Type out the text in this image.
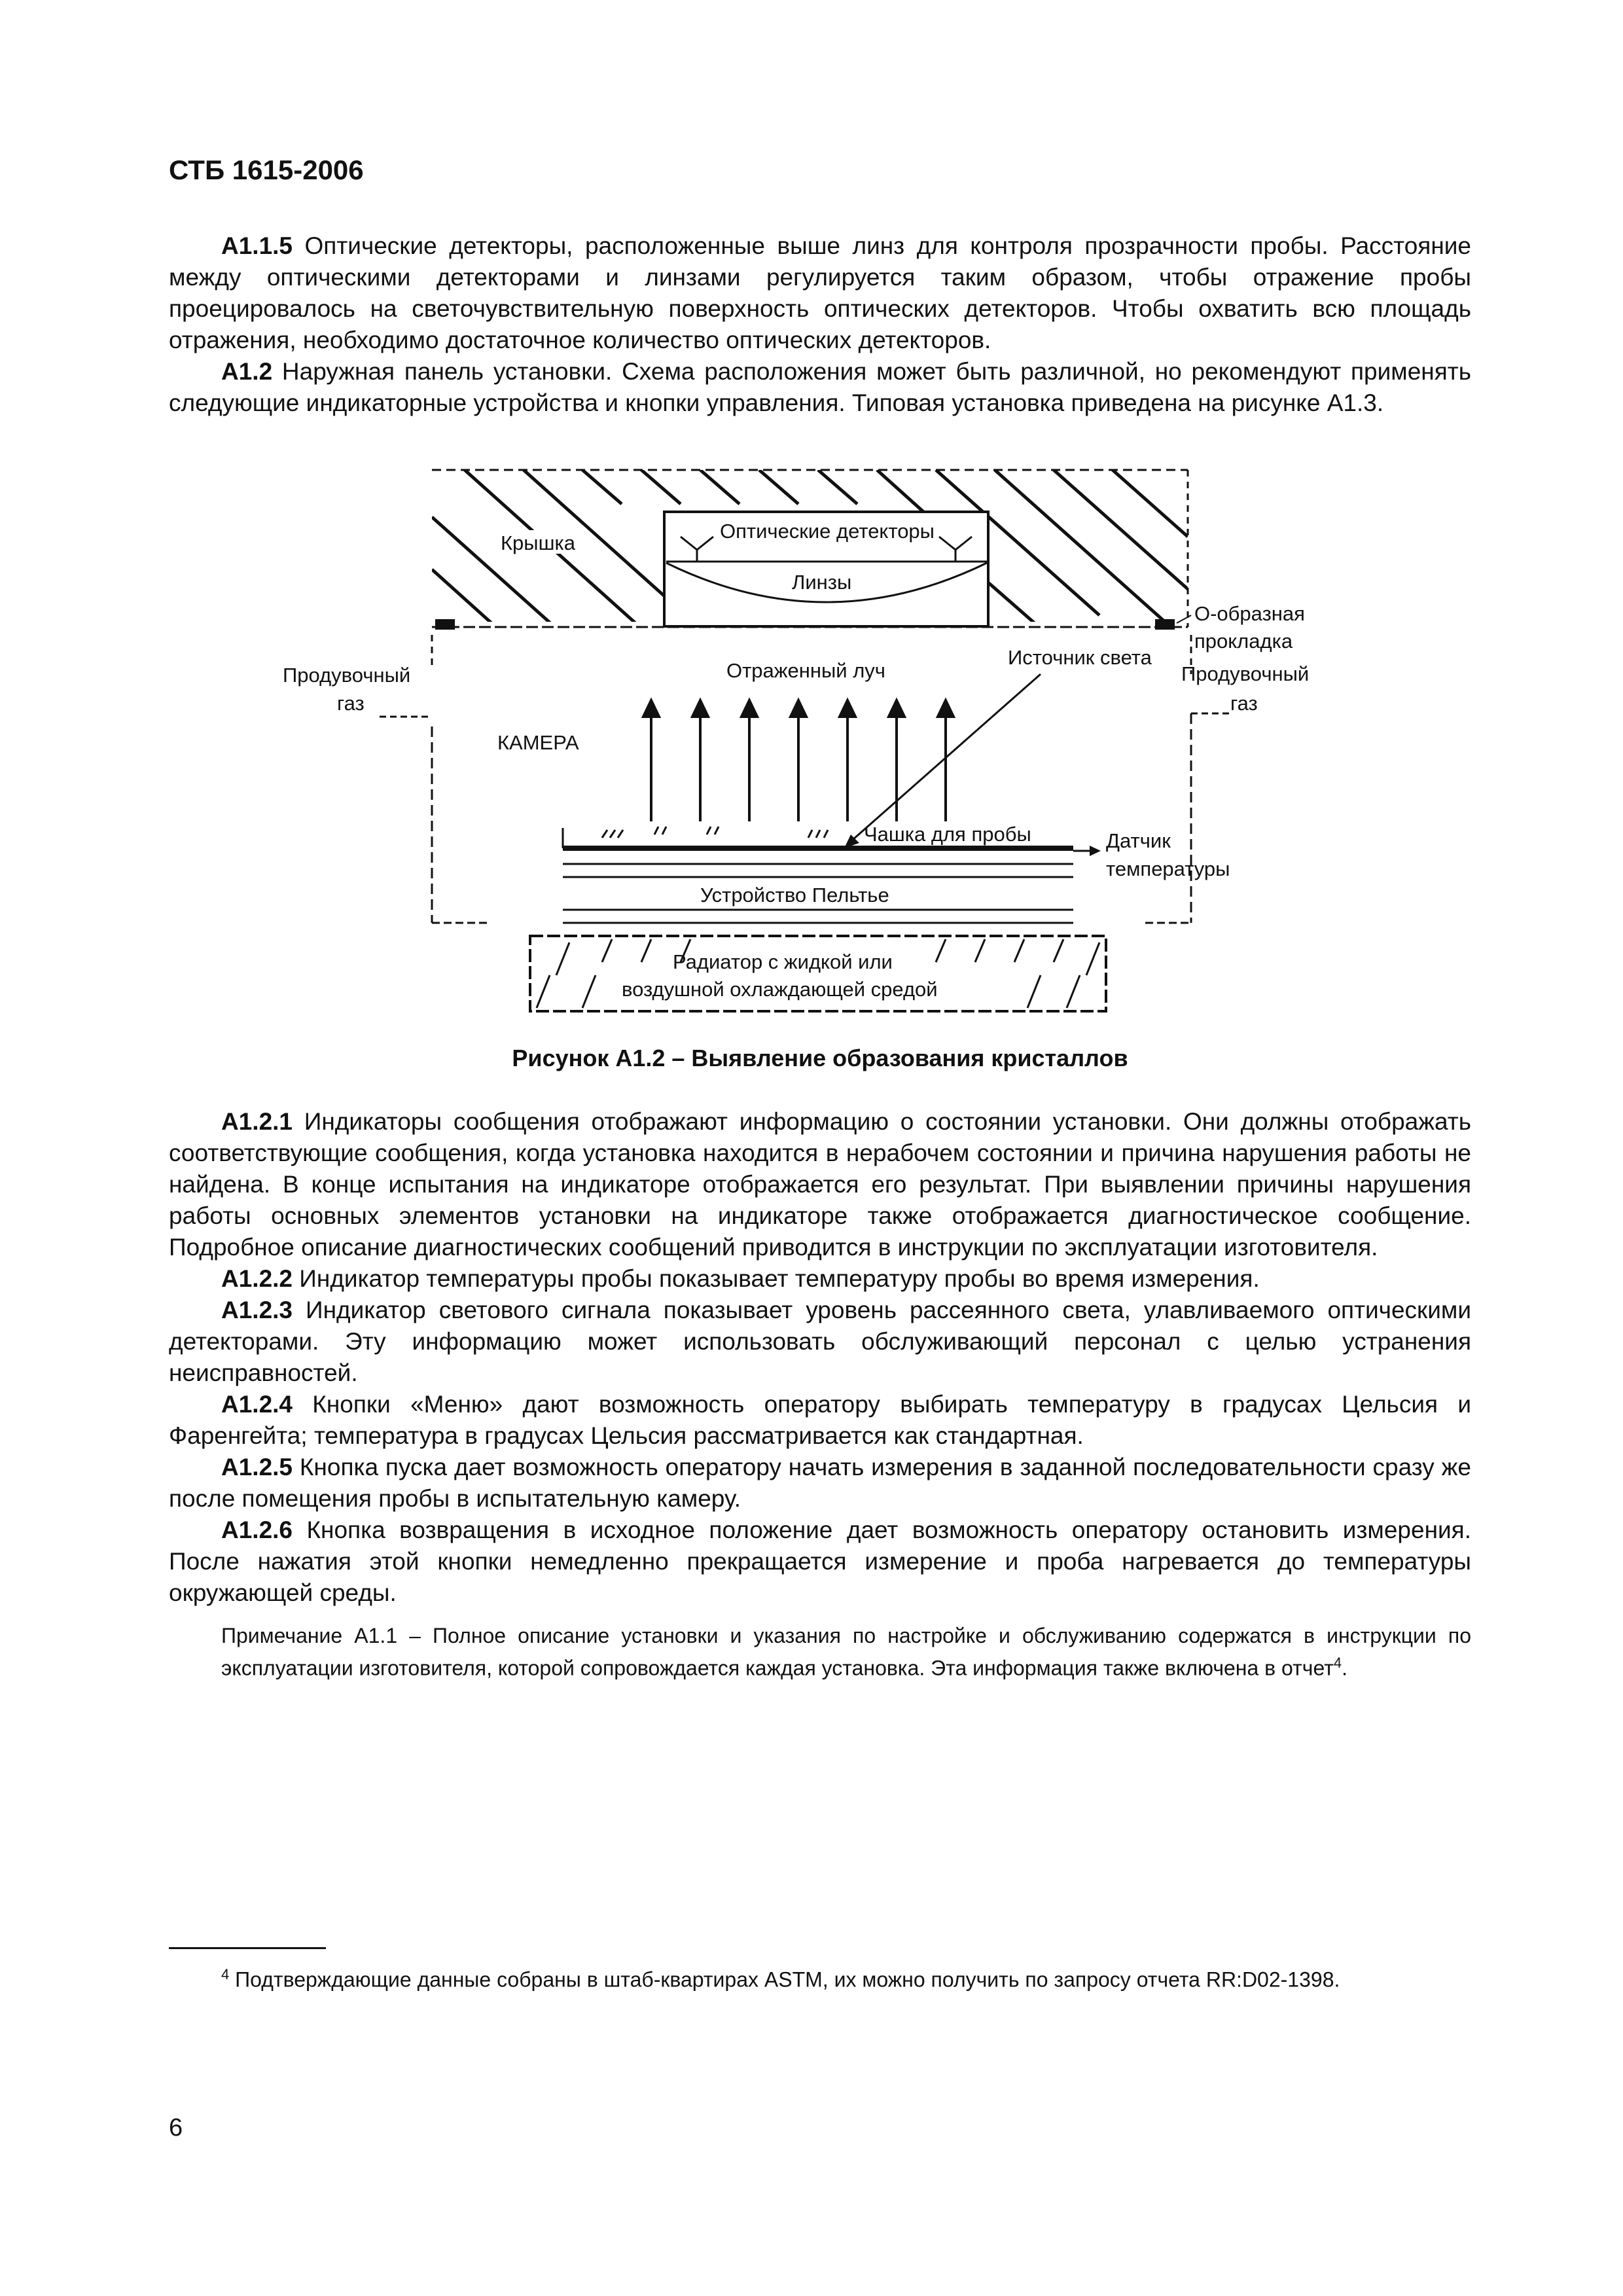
СТБ 1615-2006

А1.1.5 Оптические детекторы, расположенные выше линз для контроля прозрачности пробы. Расстояние между оптическими детекторами и линзами регулируется таким образом, чтобы отражение пробы проецировалось на светочувствительную поверхность оптических детекторов. Чтобы охватить всю площадь отражения, необходимо достаточное количество оптических детекторов.

А1.2 Наружная панель установки. Схема расположения может быть различной, но рекомендуют применять следующие индикаторные устройства и кнопки управления. Типовая установка приведена на рисунке А1.3.

Оптические детекторы
Линзы
Крышка
О-образная
прокладка
Продувочный
газ
Продувочный
газ
КАМЕРА
Отраженный луч
Источник света
Чашка для пробы	Датчик
температуры
Устройство Пельтье
Радиатор с жидкой или
воздушной охлаждающей средой
Рисунок А1.2 – Выявление образования кристаллов

А1.2.1 Индикаторы сообщения отображают информацию о состоянии установки. Они должны отображать соответствующие сообщения, когда установка находится в нерабочем состоянии и причина нарушения работы не найдена. В конце испытания на индикаторе отображается его результат. При выявлении причины нарушения работы основных элементов установки на индикаторе также отображается диагностическое сообщение. Подробное описание диагностических сообщений приводится в инструкции по эксплуатации изготовителя.

А1.2.2 Индикатор температуры пробы показывает температуру пробы во время измерения.

А1.2.3 Индикатор светового сигнала показывает уровень рассеянного света, улавливаемого оптическими детекторами. Эту информацию может использовать обслуживающий персонал с целью устранения неисправностей.

А1.2.4 Кнопки «Меню» дают возможность оператору выбирать температуру в градусах Цельсия и Фаренгейта; температура в градусах Цельсия рассматривается как стандартная.

А1.2.5 Кнопка пуска дает возможность оператору начать измерения в заданной последовательности сразу же после помещения пробы в испытательную камеру.

А1.2.6 Кнопка возвращения в исходное положение дает возможность оператору остановить измерения. После нажатия этой кнопки немедленно прекращается измерение и проба нагревается до температуры окружающей среды.

Примечание А1.1 – Полное описание установки и указания по настройке и обслуживанию содержатся в инструкции по эксплуатации изготовителя, которой сопровождается каждая установка. Эта информация также включена в отчет$^4$.

$^4$ Подтверждающие данные собраны в штаб-квартирах ASTM, их можно получить по запросу отчета RR:D02-1398.
6
